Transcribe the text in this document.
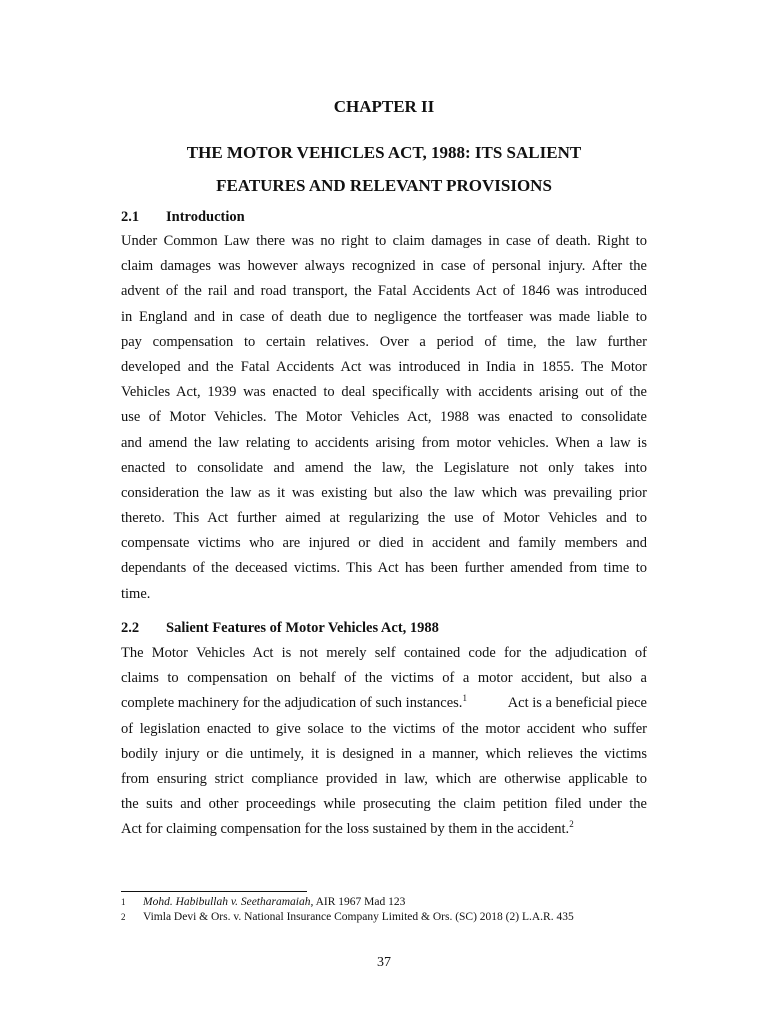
CHAPTER II
THE MOTOR VEHICLES ACT, 1988: ITS SALIENT
FEATURES AND RELEVANT PROVISIONS
2.1 Introduction
Under Common Law there was no right to claim damages in case of death. Right to
claim damages was however always recognized in case of personal injury. After the
advent of the rail and road transport, the Fatal Accidents Act of 1846 was introduced
in England and in case of death due to negligence the tortfeaser was made liable to
pay compensation to certain relatives. Over a period of time, the law further
developed and the Fatal Accidents Act was introduced in India in 1855. The Motor
Vehicles Act, 1939 was enacted to deal specifically with accidents arising out of the
use of Motor Vehicles. The Motor Vehicles Act, 1988 was enacted to consolidate
and amend the law relating to accidents arising from motor vehicles. When a law is
enacted to consolidate and amend the law, the Legislature not only takes into
consideration the law as it was existing but also the law which was prevailing prior
thereto. This Act further aimed at regularizing the use of Motor Vehicles and to
compensate victims who are injured or died in accident and family members and
dependants of the deceased victims. This Act has been further amended from time to
time.
2.2 Salient Features of Motor Vehicles Act, 1988
The Motor Vehicles Act is not merely self contained code for the adjudication of
claims to compensation on behalf of the victims of a motor accident, but also a
complete machinery for the adjudication of such instances.$^1$	Act is a beneficial piece
of legislation enacted to give solace to the victims of the motor accident who suffer
bodily injury or die untimely, it is designed in a manner, which relieves the victims
from ensuring strict compliance provided in law, which are otherwise applicable to
the suits and other proceedings while prosecuting the claim petition filed under the
Act for claiming compensation for the loss sustained by them in the accident.$^2$
1 Mohd. Habibullah v. Seetharamaiah, AIR 1967 Mad 123
2 Vimla Devi & Ors. v. National Insurance Company Limited & Ors. (SC) 2018 (2) L.A.R. 435
37
